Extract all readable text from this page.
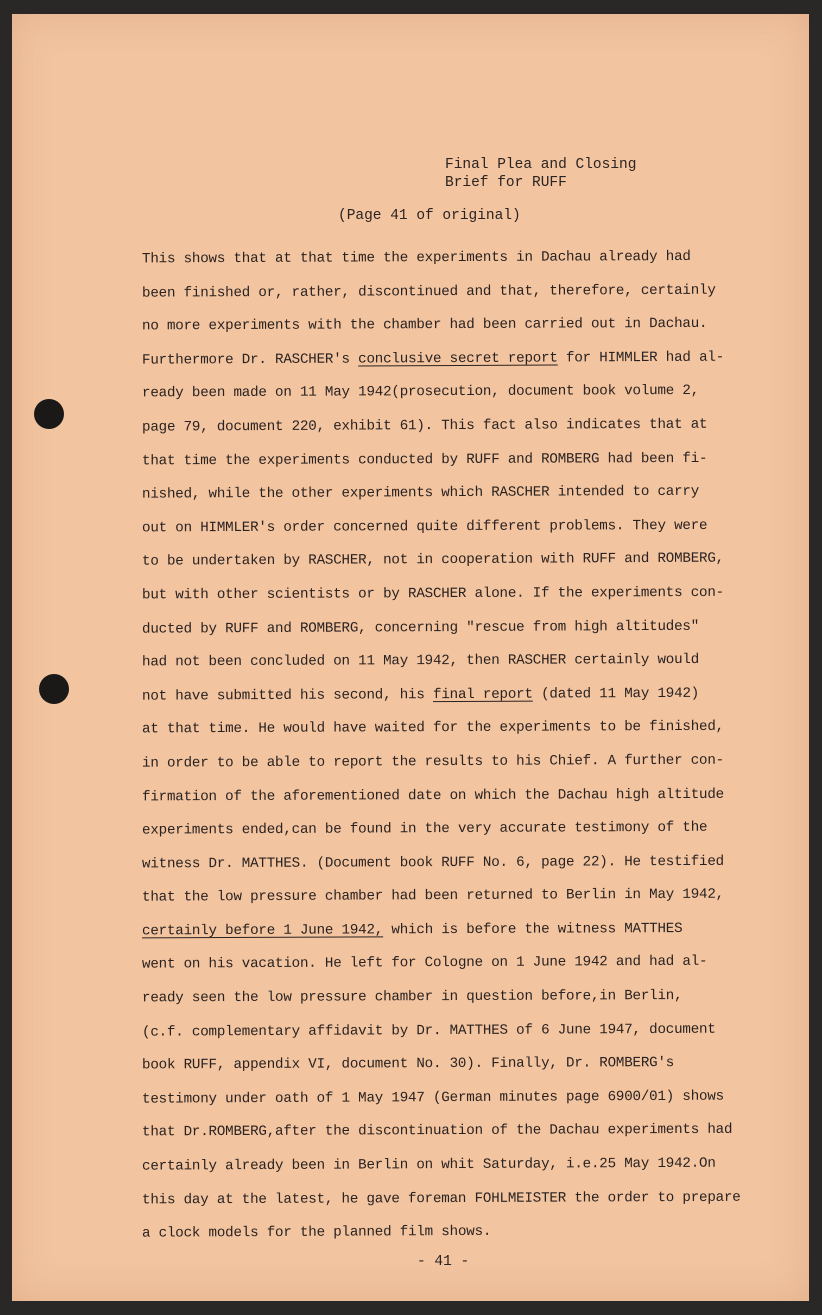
Final Plea and Closing
Brief for RUFF
(Page 41 of original)
This shows that at that time the experiments in Dachau already had
been finished or, rather, discontinued and that, therefore, certainly
no more experiments with the chamber had been carried out in Dachau.
Furthermore Dr. RASCHER's conclusive secret report for HIMMLER had al-
ready been made on 11 May 1942(prosecution, document book volume 2,
page 79, document 220, exhibit 61). This fact also indicates that at
that time the experiments conducted by RUFF and ROMBERG had been fi-
nished, while the other experiments which RASCHER intended to carry
out on HIMMLER's order concerned quite different problems. They were
to be undertaken by RASCHER, not in cooperation with RUFF and ROMBERG,
but with other scientists or by RASCHER alone. If the experiments con-
ducted by RUFF and ROMBERG, concerning "rescue from high altitudes"
had not been concluded on 11 May 1942, then RASCHER certainly would
not have submitted his second, his final report (dated 11 May 1942)
at that time. He would have waited for the experiments to be finished,
in order to be able to report the results to his Chief. A further con-
firmation of the aforementioned date on which the Dachau high altitude
experiments ended,can be found in the very accurate testimony of the
witness Dr. MATTHES. (Document book RUFF No. 6, page 22). He testified
that the low pressure chamber had been returned to Berlin in May 1942,
certainly before 1 June 1942, which is before the witness MATTHES
went on his vacation. He left for Cologne on 1 June 1942 and had al-
ready seen the low pressure chamber in question before,in Berlin,
(c.f. complementary affidavit by Dr. MATTHES of 6 June 1947, document
book RUFF, appendix VI, document No. 30). Finally, Dr. ROMBERG's
testimony under oath of 1 May 1947 (German minutes page 6900/01) shows
that Dr.ROMBERG,after the discontinuation of the Dachau experiments had
certainly already been in Berlin on whit Saturday, i.e.25 May 1942.On
this day at the latest, he gave foreman FOHLMEISTER the order to prepare
a clock models for the planned film shows.
- 41 -
